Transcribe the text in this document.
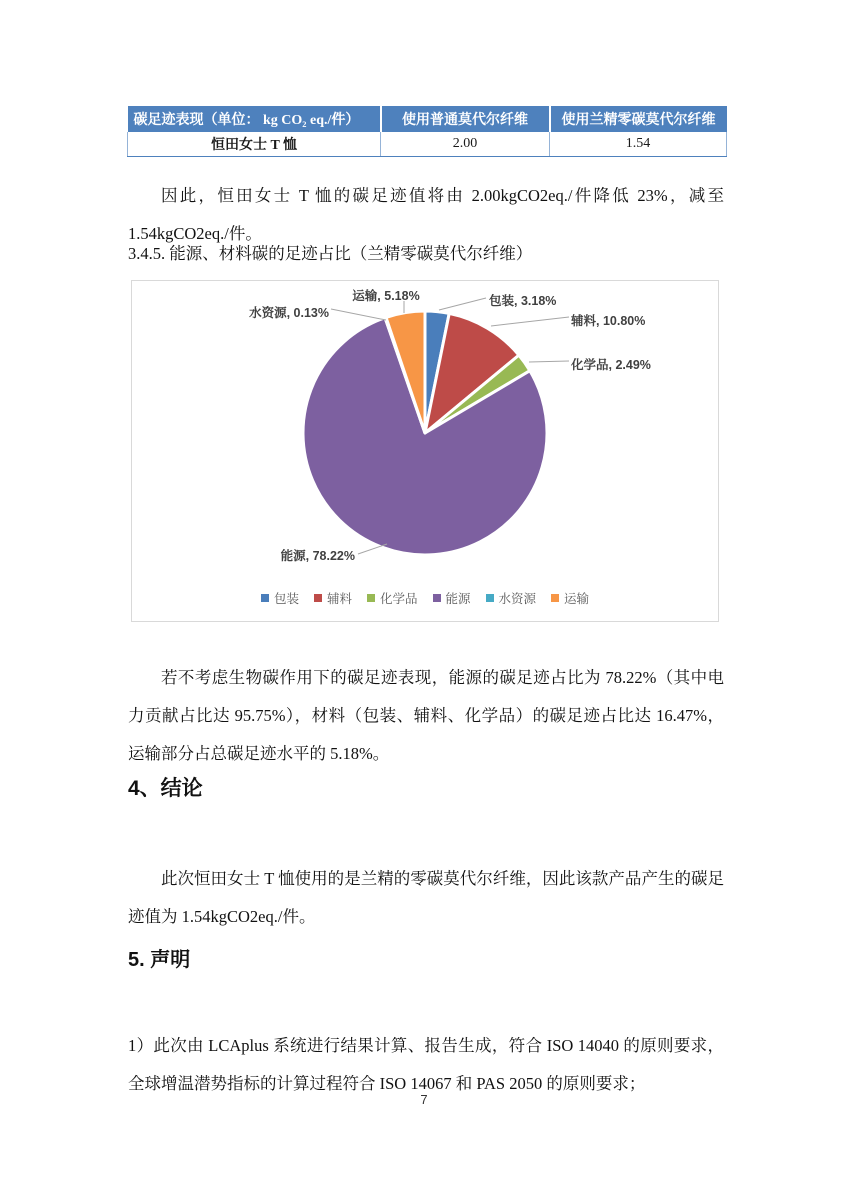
碳足迹表现（单位： kg CO₂ eq./件）	使用普通莫代尔纤维	使用兰精零碳莫代尔纤维
恒田女士 T 恤	2.00	1.54

因此，恒田女士 T 恤的碳足迹值将由 2.00kgCO2eq./件降低 23%，减至 1.54kgCO2eq./件。

3.4.5. 能源、材料碳的足迹占比（兰精零碳莫代尔纤维）
包装 辅料 化学品 能源 水资源 运输
包装, 3.18%
辅料, 10.80%
化学品, 2.49%
能源, 78.22%
水资源, 0.13%
运输, 5.18%

若不考虑生物碳作用下的碳足迹表现，能源的碳足迹占比为 78.22%（其中电力贡献占比达 95.75%），材料（包装、辅料、化学品）的碳足迹占比达 16.47%，运输部分占总碳足迹水平的 5.18%。

4、结论

此次恒田女士 T 恤使用的是兰精的零碳莫代尔纤维，因此该款产品产生的碳足迹值为 1.54kgCO2eq./件。

5. 声明

1）此次由 LCAplus 系统进行结果计算、报告生成，符合 ISO 14040 的原则要求，全球增温潜势指标的计算过程符合 ISO 14067 和 PAS 2050 的原则要求；

7
